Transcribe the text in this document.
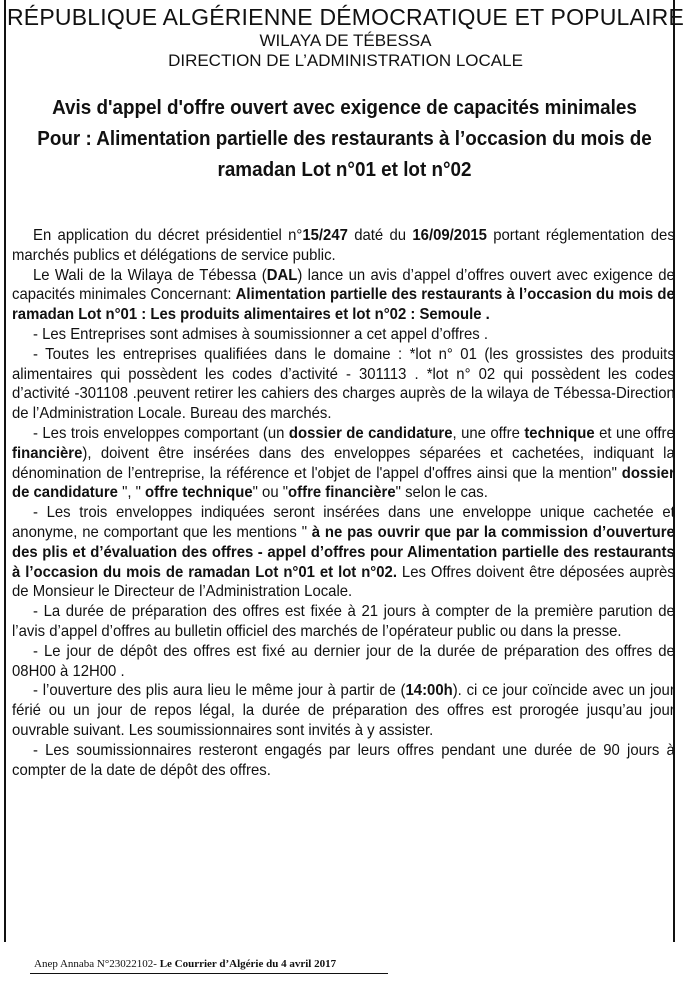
RÉPUBLIQUE ALGÉRIENNE DÉMOCRATIQUE ET POPULAIRE
WILAYA DE TÉBESSA
DIRECTION DE L’ADMINISTRATION LOCALE
Avis d'appel d'offre ouvert avec exigence de capacités minimales
Pour : Alimentation partielle des restaurants à l’occasion du mois de ramadan Lot n°01 et lot n°02

En application du décret présidentiel n°15/247 daté du 16/09/2015 portant réglementation des marchés publics et délégations de service public.

Le Wali de la Wilaya de Tébessa (DAL) lance un avis d’appel d’offres ouvert avec exigence de capacités minimales Concernant: Alimentation partielle des restaurants à l’occasion du mois de ramadan Lot n°01 : Les produits alimentaires et lot n°02 : Semoule .

- Les Entreprises sont admises à soumissionner a cet appel d’offres .

- Toutes les entreprises qualifiées dans le domaine : *lot n° 01 (les grossistes des produits alimentaires qui possèdent les codes d’activité - 301113 . *lot n° 02 qui possèdent les codes d’activité -301108 .peuvent retirer les cahiers des charges auprès de la wilaya de Tébessa-Direction de l’Administration Locale. Bureau des marchés.

- Les trois enveloppes comportant (un dossier de candidature, une offre technique et une offre financière), doivent être insérées dans des enveloppes séparées et cachetées, indiquant la dénomination de l’entreprise, la référence et l'objet de l'appel d'offres ainsi que la mention" dossier de candidature ", " offre technique" ou "offre financière" selon le cas.

- Les trois enveloppes indiquées seront insérées dans une enveloppe unique cachetée et anonyme, ne comportant que les mentions " à ne pas ouvrir que par la commission d’ouverture des plis et d’évaluation des offres - appel d’offres pour Alimentation partielle des restaurants à l’occasion du mois de ramadan Lot n°01 et lot n°02. Les Offres doivent être déposées auprès de Monsieur le Directeur de l’Administration Locale.

- La durée de préparation des offres est fixée à 21 jours à compter de la première parution de l’avis d’appel d’offres au bulletin officiel des marchés de l’opérateur public ou dans la presse.

- Le jour de dépôt des offres est fixé au dernier jour de la durée de préparation des offres de 08H00 à 12H00 .

- l’ouverture des plis aura lieu le même jour à partir de (14:00h). ci ce jour coïncide avec un jour férié ou un jour de repos légal, la durée de préparation des offres est prorogée jusqu’au jour ouvrable suivant. Les soumissionnaires sont invités à y assister.

- Les soumissionnaires resteront engagés par leurs offres pendant une durée de 90 jours à compter de la date de dépôt des offres.

Anep Annaba N°23022102- Le Courrier d’Algérie du 4 avril 2017
